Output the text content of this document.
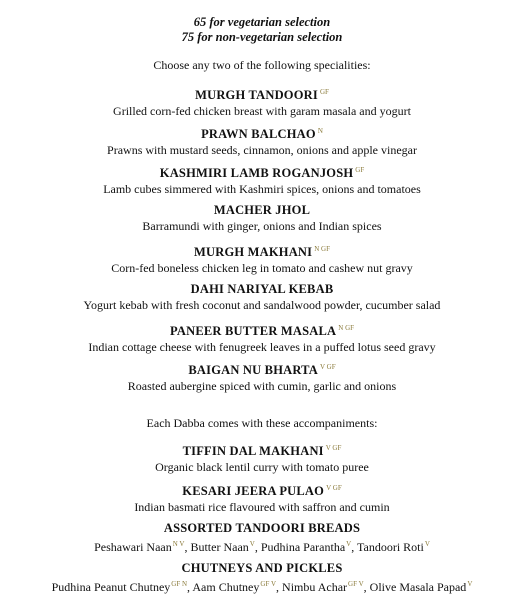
65 for vegetarian selection
75 for non-vegetarian selection
Choose any two of the following specialities:
MURGH TANDOORI $^{GF}$
Grilled corn-fed chicken breast with garam masala and yogurt
PRAWN BALCHAO $^N$
Prawns with mustard seeds, cinnamon, onions and apple vinegar
KASHMIRI LAMB ROGANJOSH $^{GF}$
Lamb cubes simmered with Kashmiri spices, onions and tomatoes
MACHER JHOL
Barramundi with ginger, onions and Indian spices
MURGH MAKHANI $^{N GF}$
Corn-fed boneless chicken leg in tomato and cashew nut gravy
DAHI NARIYAL KEBAB
Yogurt kebab with fresh coconut and sandalwood powder, cucumber salad
PANEER BUTTER MASALA $^{N GF}$
Indian cottage cheese with fenugreek leaves in a puffed lotus seed gravy
BAIGAN NU BHARTA $^{V GF}$
Roasted aubergine spiced with cumin, garlic and onions
Each Dabba comes with these accompaniments:
TIFFIN DAL MAKHANI $^{V GF}$
Organic black lentil curry with tomato puree
KESARI JEERA PULAO $^{V GF}$
Indian basmati rice flavoured with saffron and cumin
ASSORTED TANDOORI BREADS
Peshawari Naan$^{N V}$, Butter Naan$^V$, Pudhina Parantha$^V$, Tandoori Roti$^V$
CHUTNEYS AND PICKLES
Pudhina Peanut Chutney$^{GF N}$, Aam Chutney$^{GF V}$, Nimbu Achar$^{GF V}$, Olive Masala Papad$^V$
